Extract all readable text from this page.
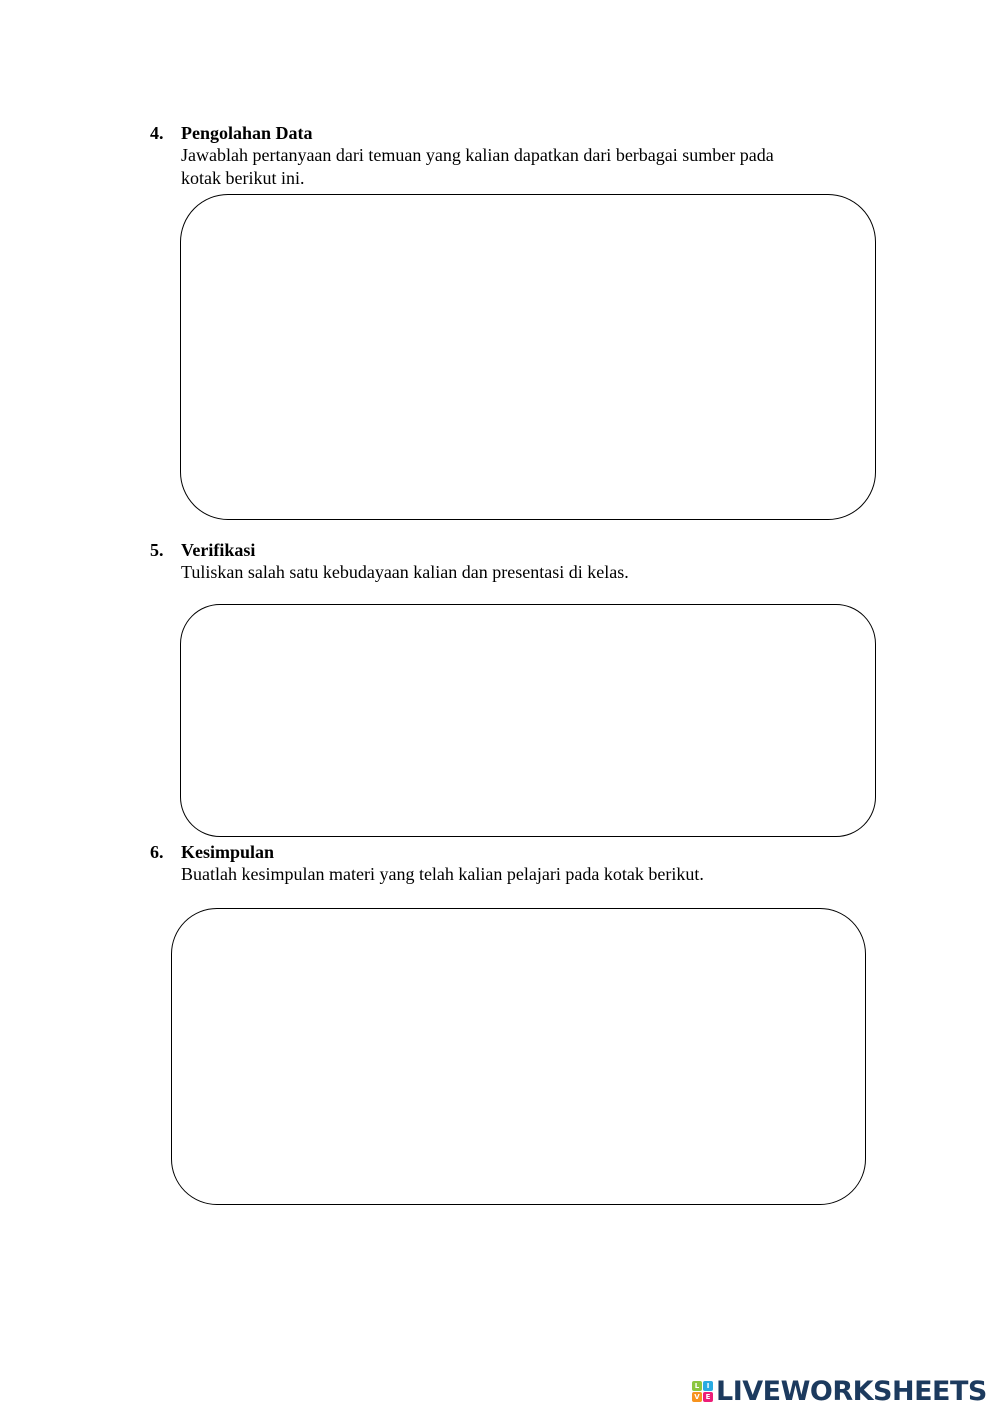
4. Pengolahan Data
Jawablah pertanyaan dari temuan yang kalian dapatkan dari berbagai sumber pada
kotak berikut ini.
5. Verifikasi
Tuliskan salah satu kebudayaan kalian dan presentasi di kelas.
6. Kesimpulan
Buatlah kesimpulan materi yang telah kalian pelajari pada kotak berikut.
L	I
V E LIVEWORKSHEETS
